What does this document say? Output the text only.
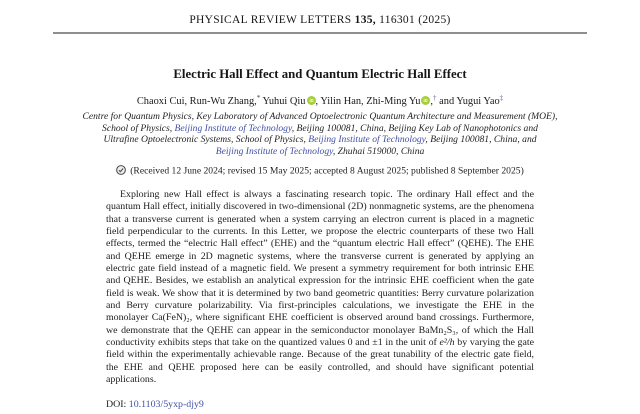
PHYSICAL REVIEW LETTERS 135, 116301 (2025)
Electric Hall Effect and Quantum Electric Hall Effect
Chaoxi Cui, Run-Wu Zhang,* Yuhui Qiu iD , Yilin Han, Zhi-Ming Yu iD ,† and Yugui Yao‡
Centre for Quantum Physics, Key Laboratory of Advanced Optoelectronic Quantum Architecture and Measurement (MOE),
School of Physics, Beijing Institute of Technology, Beijing 100081, China, Beijing Key Lab of Nanophotonics and
Ultrafine Optoelectronic Systems, School of Physics, Beijing Institute of Technology, Beijing 100081, China, and
Beijing Institute of Technology, Zhuhai 519000, China
(Received 12 June 2024; revised 15 May 2025; accepted 8 August 2025; published 8 September 2025)

Exploring new Hall effect is always a fascinating research topic. The ordinary Hall effect and the quantum Hall effect, initially discovered in two-dimensional (2D) nonmagnetic systems, are the phenomena that a transverse current is generated when a system carrying an electron current is placed in a magnetic field perpendicular to the currents. In this Letter, we propose the electric counterparts of these two Hall effects, termed the “electric Hall effect” (EHE) and the “quantum electric Hall effect” (QEHE). The EHE and QEHE emerge in 2D magnetic systems, where the transverse current is generated by applying an electric gate field instead of a magnetic field. We present a symmetry requirement for both intrinsic EHE and QEHE. Besides, we establish an analytical expression for the intrinsic EHE coefficient when the gate field is weak. We show that it is determined by two band geometric quantities: Berry curvature polarization and Berry curvature polarizability. Via first-principles calculations, we investigate the EHE in the monolayer Ca(FeN)₂, where significant EHE coefficient is observed around band crossings. Furthermore, we demonstrate that the QEHE can appear in the semiconductor monolayer BaMn₂S₃, of which the Hall conductivity exhibits steps that take on the quantized values 0 and ±1 in the unit of e²/h by varying the gate field within the experimentally achievable range. Because of the great tunability of the electric gate field, the EHE and QEHE proposed here can be easily controlled, and should have significant potential applications.

DOI: 10.1103/5yxp-djy9
